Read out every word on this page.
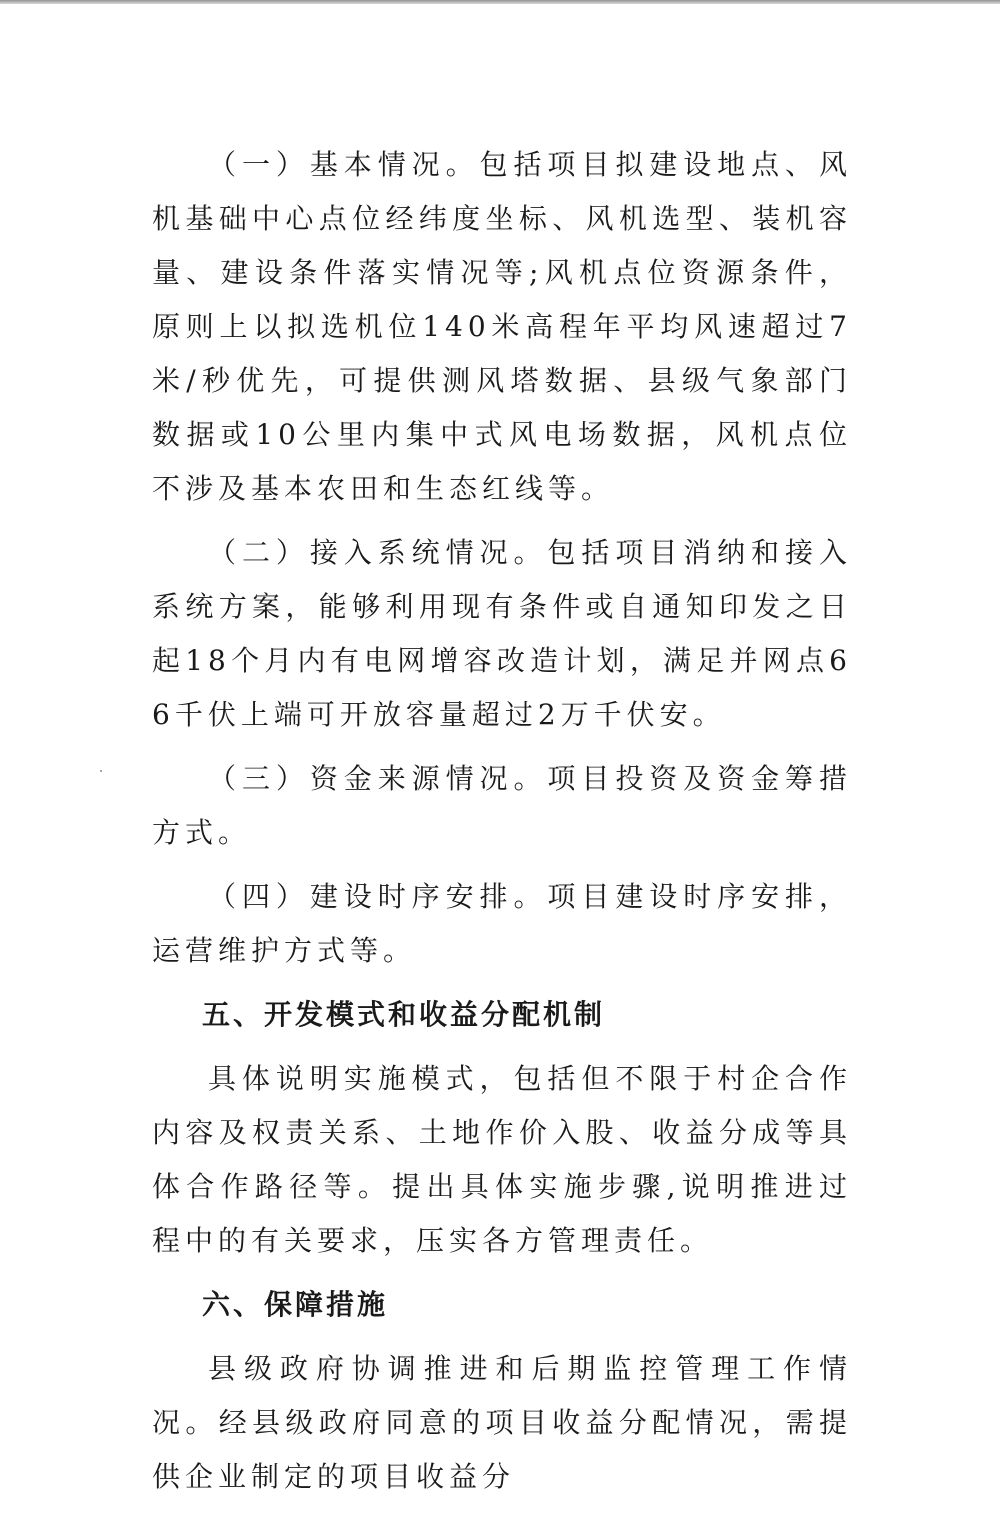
（一）基本情况。包括项目拟建设地点、风机基础中心点位经纬度坐标、风机选型、装机容量、建设条件落实情况等;风机点位资源条件，原则上以拟选机位140米高程年平均风速超过7米/秒优先，可提供测风塔数据、县级气象部门数据或10公里内集中式风电场数据，风机点位不涉及基本农田和生态红线等。

（二）接入系统情况。包括项目消纳和接入系统方案，能够利用现有条件或自通知印发之日起18个月内有电网增容改造计划，满足并网点66千伏上端可开放容量超过2万千伏安。

（三）资金来源情况。项目投资及资金筹措方式。

（四）建设时序安排。项目建设时序安排，运营维护方式等。

五、开发模式和收益分配机制

具体说明实施模式，包括但不限于村企合作内容及权责关系、土地作价入股、收益分成等具体合作路径等。提出具体实施步骤,说明推进过程中的有关要求，压实各方管理责任。

六、保障措施

县级政府协调推进和后期监控管理工作情况。经县级政府同意的项目收益分配情况，需提供企业制定的项目收益分
